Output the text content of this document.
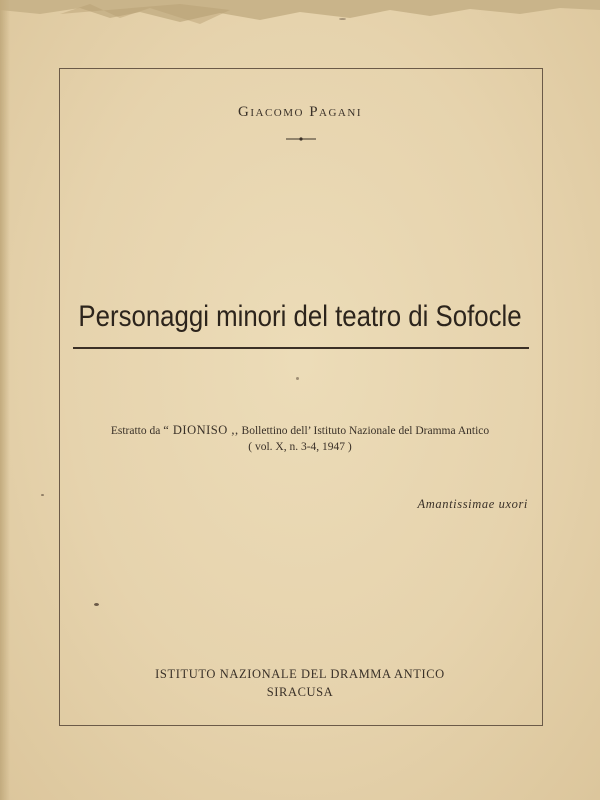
Giacomo Pagani
Personaggi minori del teatro di Sofocle
Estratto da “ DIONISO ,, Bollettino dell’ Istituto Nazionale del Dramma Antico
( vol. X, n. 3-4, 1947 )
Amantissimae uxori
ISTITUTO NAZIONALE DEL DRAMMA ANTICO
SIRACUSA
